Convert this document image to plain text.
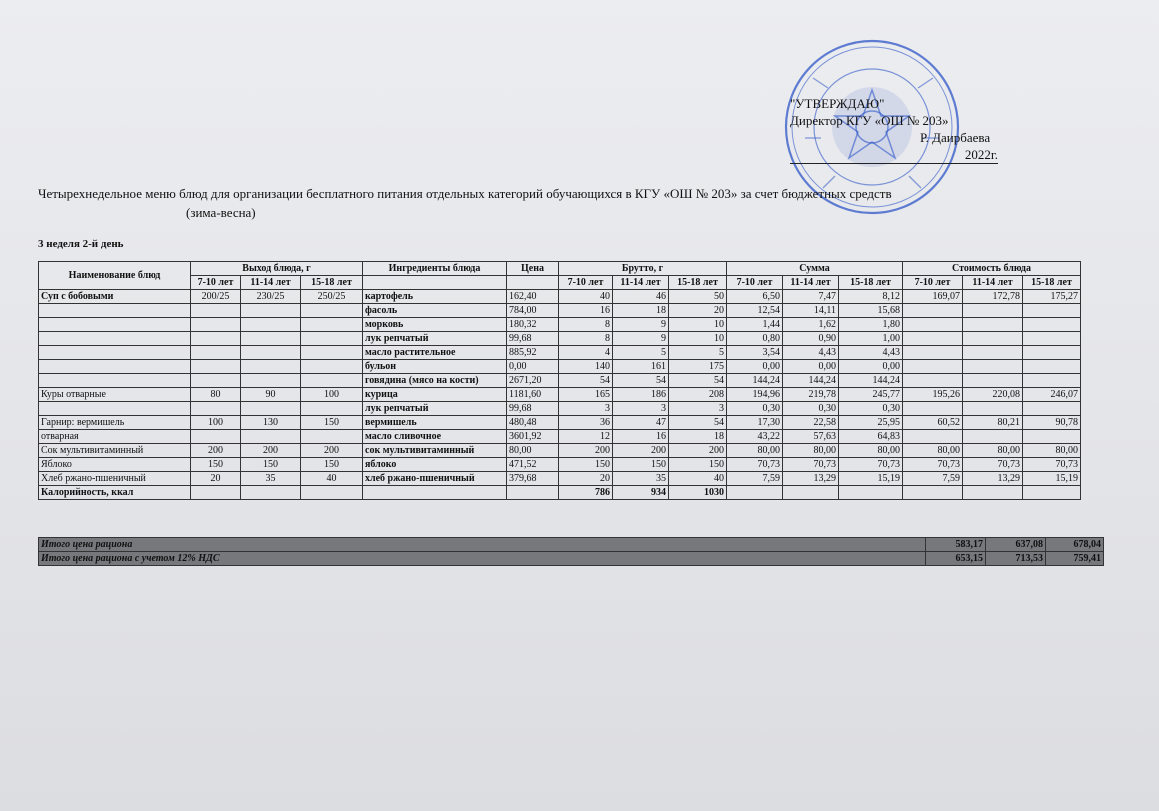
"УТВЕРЖДАЮ"
Директор КГУ «ОШ № 203»
Р. Даирбаева
2022г.
Четырехнедельное меню блюд для организации бесплатного питания отдельных категорий обучающихся в КГУ «ОШ № 203» за счет бюджетных средств
(зима-весна)
3 неделя 2-й день
Наименование блюд	Выход блюда, г			Ингредиенты блюда	Цена	Брутто, г			Сумма			Стоимость блюда		
	7-10 лет	11-14 лет	15-18 лет			7-10 лет	11-14 лет	15-18 лет	7-10 лет	11-14 лет	15-18 лет	7-10 лет	11-14 лет	15-18 лет
Суп с бобовыми	200/25	230/25	250/25	картофель	162,40	40	46	50	6,50	7,47	8,12	169,07	172,78	175,27
				фасоль	784,00	16	18	20	12,54	14,11	15,68			
				морковь	180,32	8	9	10	1,44	1,62	1,80			
				лук репчатый	99,68	8	9	10	0,80	0,90	1,00			
				масло растительное	885,92	4	5	5	3,54	4,43	4,43			
				бульон	0,00	140	161	175	0,00	0,00	0,00			
				говядина (мясо на кости)	2671,20	54	54	54	144,24	144,24	144,24			
Куры отварные	80	90	100	курица	1181,60	165	186	208	194,96	219,78	245,77	195,26	220,08	246,07
				лук репчатый	99,68	3	3	3	0,30	0,30	0,30			
Гарнир: вермишель	100	130	150	вермишель	480,48	36	47	54	17,30	22,58	25,95	60,52	80,21	90,78
отварная				масло сливочное	3601,92	12	16	18	43,22	57,63	64,83			
Сок мультивитаминный	200	200	200	сок мультивитаминный	80,00	200	200	200	80,00	80,00	80,00	80,00	80,00	80,00
Яблоко	150	150	150	яблоко	471,52	150	150	150	70,73	70,73	70,73	70,73	70,73	70,73
Хлеб ржано-пшеничный	20	35	40	хлеб ржано-пшеничный	379,68	20	35	40	7,59	13,29	15,19	7,59	13,29	15,19
Калорийность, ккал						786	934	1030						

Итого цена рациона	583,17	637,08	678,04
Итого цена рациона с учетом 12% НДС	653,15	713,53	759,41
